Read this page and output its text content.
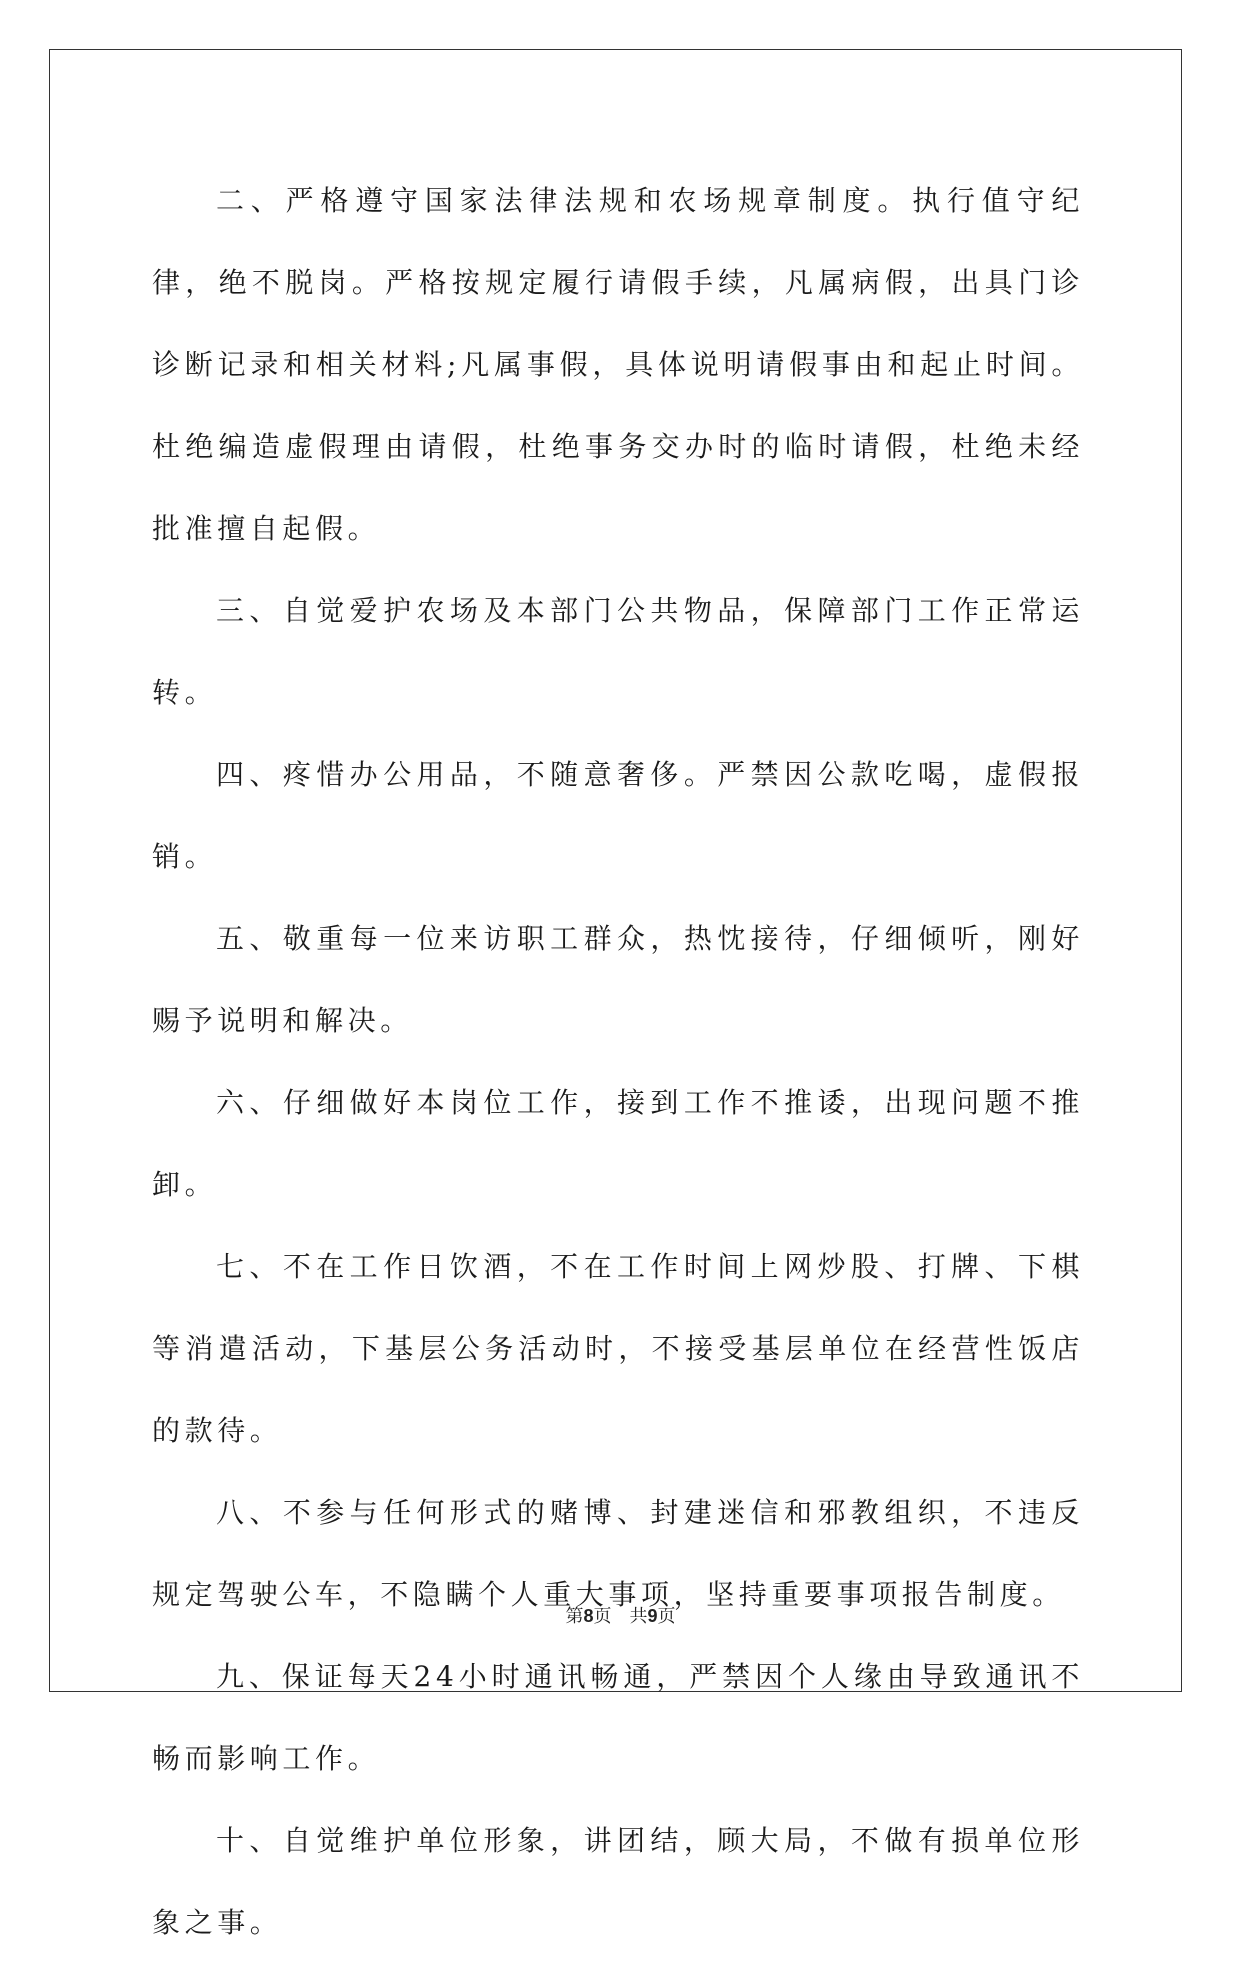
二、严格遵守国家法律法规和农场规章制度。执行值守纪律，绝不脱岗。严格按规定履行请假手续，凡属病假，出具门诊诊断记录和相关材料;凡属事假，具体说明请假事由和起止时间。杜绝编造虚假理由请假，杜绝事务交办时的临时请假，杜绝未经批准擅自起假。

三、自觉爱护农场及本部门公共物品，保障部门工作正常运转。

四、疼惜办公用品，不随意奢侈。严禁因公款吃喝，虚假报销。

五、敬重每一位来访职工群众，热忱接待，仔细倾听，刚好赐予说明和解决。

六、仔细做好本岗位工作，接到工作不推诿，出现问题不推卸。

七、不在工作日饮酒，不在工作时间上网炒股、打牌、下棋等消遣活动，下基层公务活动时，不接受基层单位在经营性饭店的款待。

八、不参与任何形式的赌博、封建迷信和邪教组织，不违反规定驾驶公车，不隐瞒个人重大事项，坚持重要事项报告制度。

九、保证每天24小时通讯畅通，严禁因个人缘由导致通讯不畅而影响工作。

十、自觉维护单位形象，讲团结，顾大局，不做有损单位形象之事。

第8页　共9页
